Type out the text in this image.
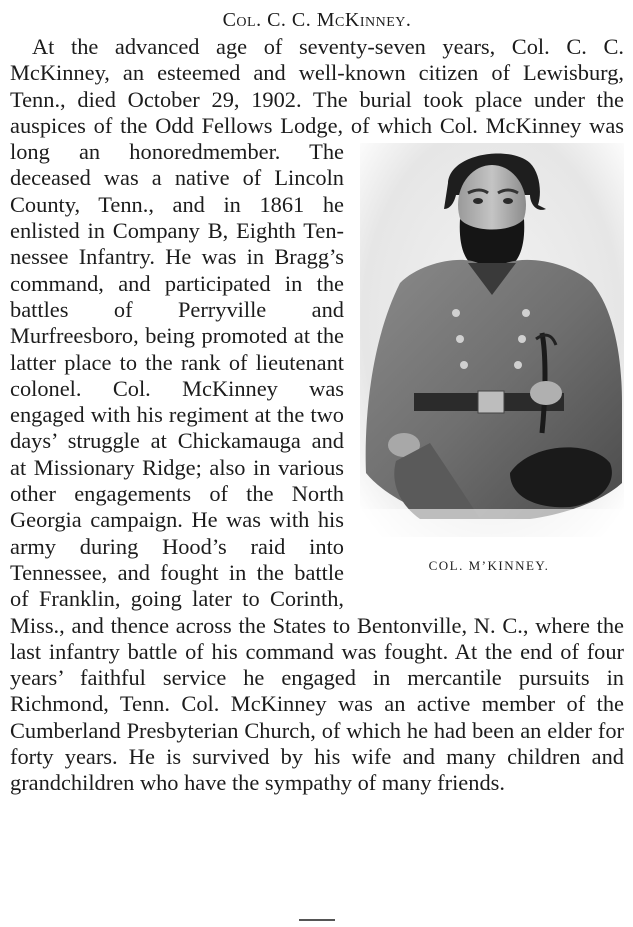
Col. C. C. McKinney.

At the advanced age of seventy-seven years, Col. C. C. McKinney, an esteemed and well-known citizen of Lewisburg, Tenn., died October 29, 1902. The burial took place under the auspices of the Odd Fellows Lodge, of which Col. McKinney was long an honored
COL. M’KINNEY.
member. The deceased was a native of Lincoln County, Tenn., and in 1861 he enlisted in Company B, Eighth Tennessee Infantry. He was in Bragg’s command, and participated in the battles of Perryville and Murfreesboro, being promoted at the latter place to the rank of lieutenant colonel. Col. McKinney was engaged with his regiment at the two days’ struggle at Chickamauga and at Missionary Ridge; also in various other engagements of the North Georgia campaign. He was with his army during Hood’s raid into Tennessee, and fought in the battle of Franklin, going later to Corinth, Miss., and thence across the States to Bentonville, N. C., where the last infantry battle of his command was fought. At the end of four years’ faithful service he engaged in mercantile pursuits in Richmond, Tenn. Col. McKinney was an active member of the Cumberland Presbyterian Church, of which he had been an elder for forty years. He is survived by his wife and many children and grandchildren who have the sympathy of many friends.
